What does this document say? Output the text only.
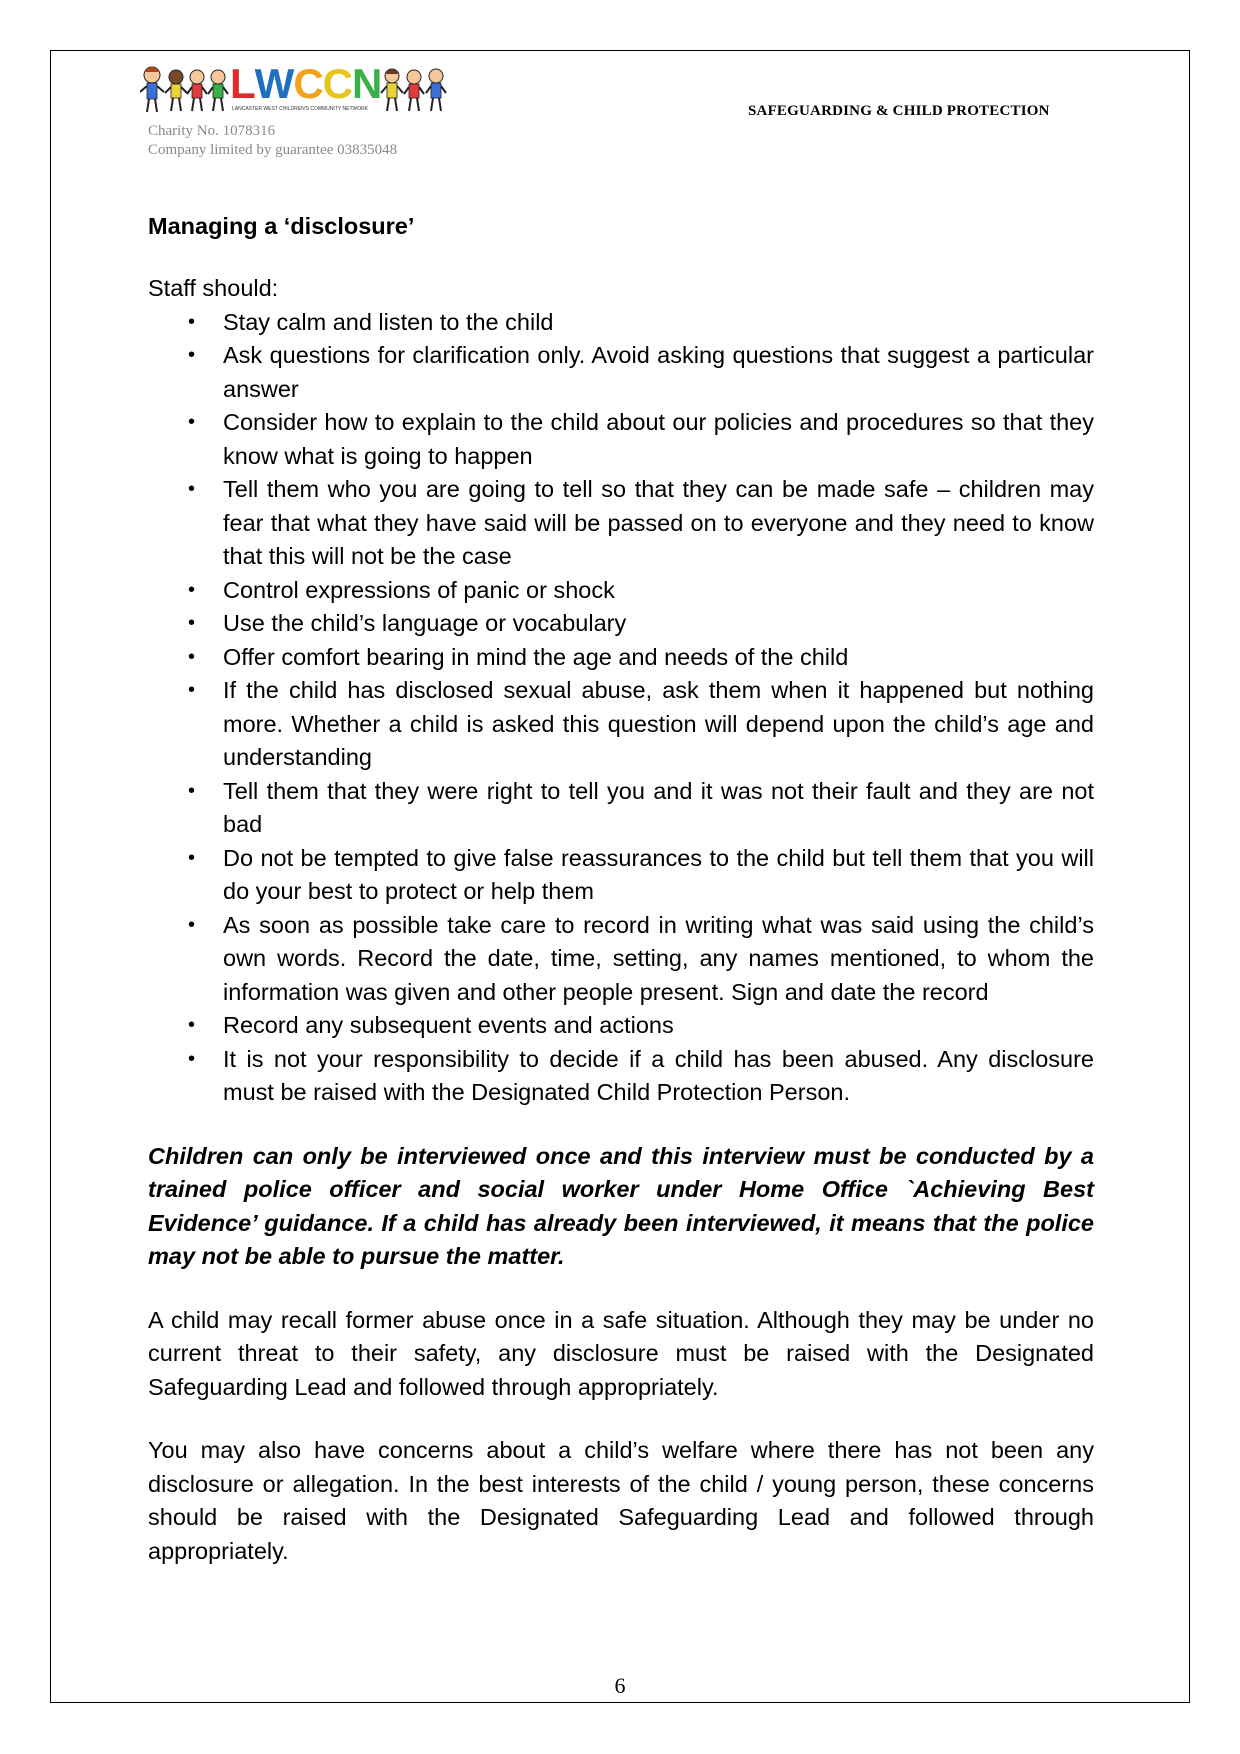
LWCCN
LANCASTER WEST CHILDREN'S COMMUNITY NETWORK
Charity No. 1078316
Company limited by guarantee 03835048
SAFEGUARDING & CHILD PROTECTION
Managing a ‘disclosure’
Staff should:
• Stay calm and listen to the child
• Ask questions for clarification only. Avoid asking questions that suggest a particular answer
• Consider how to explain to the child about our policies and procedures so that they know what is going to happen
• Tell them who you are going to tell so that they can be made safe – children may fear that what they have said will be passed on to everyone and they need to know that this will not be the case
• Control expressions of panic or shock
• Use the child’s language or vocabulary
• Offer comfort bearing in mind the age and needs of the child
• If the child has disclosed sexual abuse, ask them when it happened but nothing more. Whether a child is asked this question will depend upon the child’s age and understanding
• Tell them that they were right to tell you and it was not their fault and they are not bad
• Do not be tempted to give false reassurances to the child but tell them that you will do your best to protect or help them
• As soon as possible take care to record in writing what was said using the child’s own words. Record the date, time, setting, any names mentioned, to whom the information was given and other people present. Sign and date the record
• Record any subsequent events and actions
• It is not your responsibility to decide if a child has been abused. Any disclosure must be raised with the Designated Child Protection Person.

Children can only be interviewed once and this interview must be conducted by a trained police officer and social worker under Home Office `Achieving Best Evidence’ guidance. If a child has already been interviewed, it means that the police may not be able to pursue the matter.

A child may recall former abuse once in a safe situation. Although they may be under no current threat to their safety, any disclosure must be raised with the Designated Safeguarding Lead and followed through appropriately.

You may also have concerns about a child’s welfare where there has not been any disclosure or allegation. In the best interests of the child / young person, these concerns should be raised with the Designated Safeguarding Lead and followed through appropriately.

6
